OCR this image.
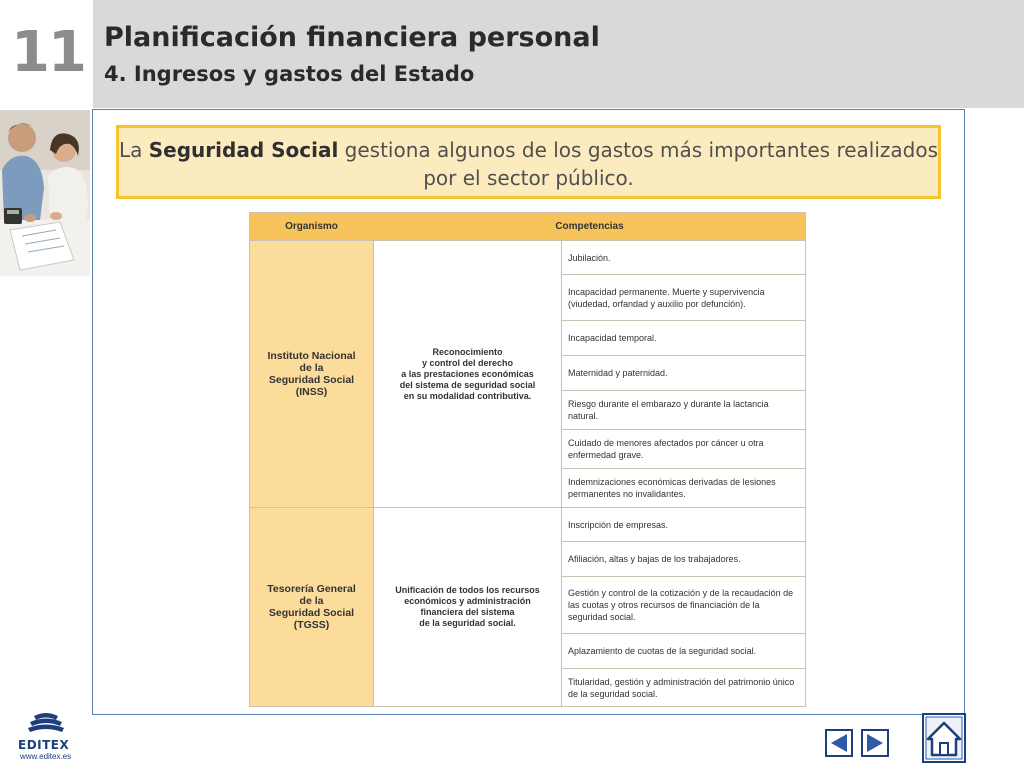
11 Planificación financiera personal
4. Ingresos y gastos del Estado
La Seguridad Social gestiona algunos de los gastos más importantes realizados por el sector público.
Organismo	Competencias	
Instituto Nacional
de la
Seguridad Social
(INSS)	Reconocimiento
y control del derecho
a las prestaciones económicas
del sistema de seguridad social
en su modalidad contributiva.	Jubilación.
		Incapacidad permanente. Muerte y supervivencia (viudedad, orfandad y auxilio por defunción).
		Incapacidad temporal.
		Maternidad y paternidad.
		Riesgo durante el embarazo y durante la lactancia natural.
		Cuidado de menores afectados por cáncer u otra enfermedad grave.
		Indemnizaciones económicas derivadas de lesiones permanentes no invalidantes.
Tesorería General
de la
Seguridad Social
(TGSS)	Unificación de todos los recursos
económicos y administración
financiera del sistema
de la seguridad social.	Inscripción de empresas.
		Afiliación, altas y bajas de los trabajadores.
		Gestión y control de la cotización y de la recaudación de las cuotas y otros recursos de financiación de la seguridad social.
		Aplazamiento de cuotas de la seguridad social.
		Titularidad, gestión y administración del patrimonio único de la seguridad social.
EDITEX
www.editex.es
